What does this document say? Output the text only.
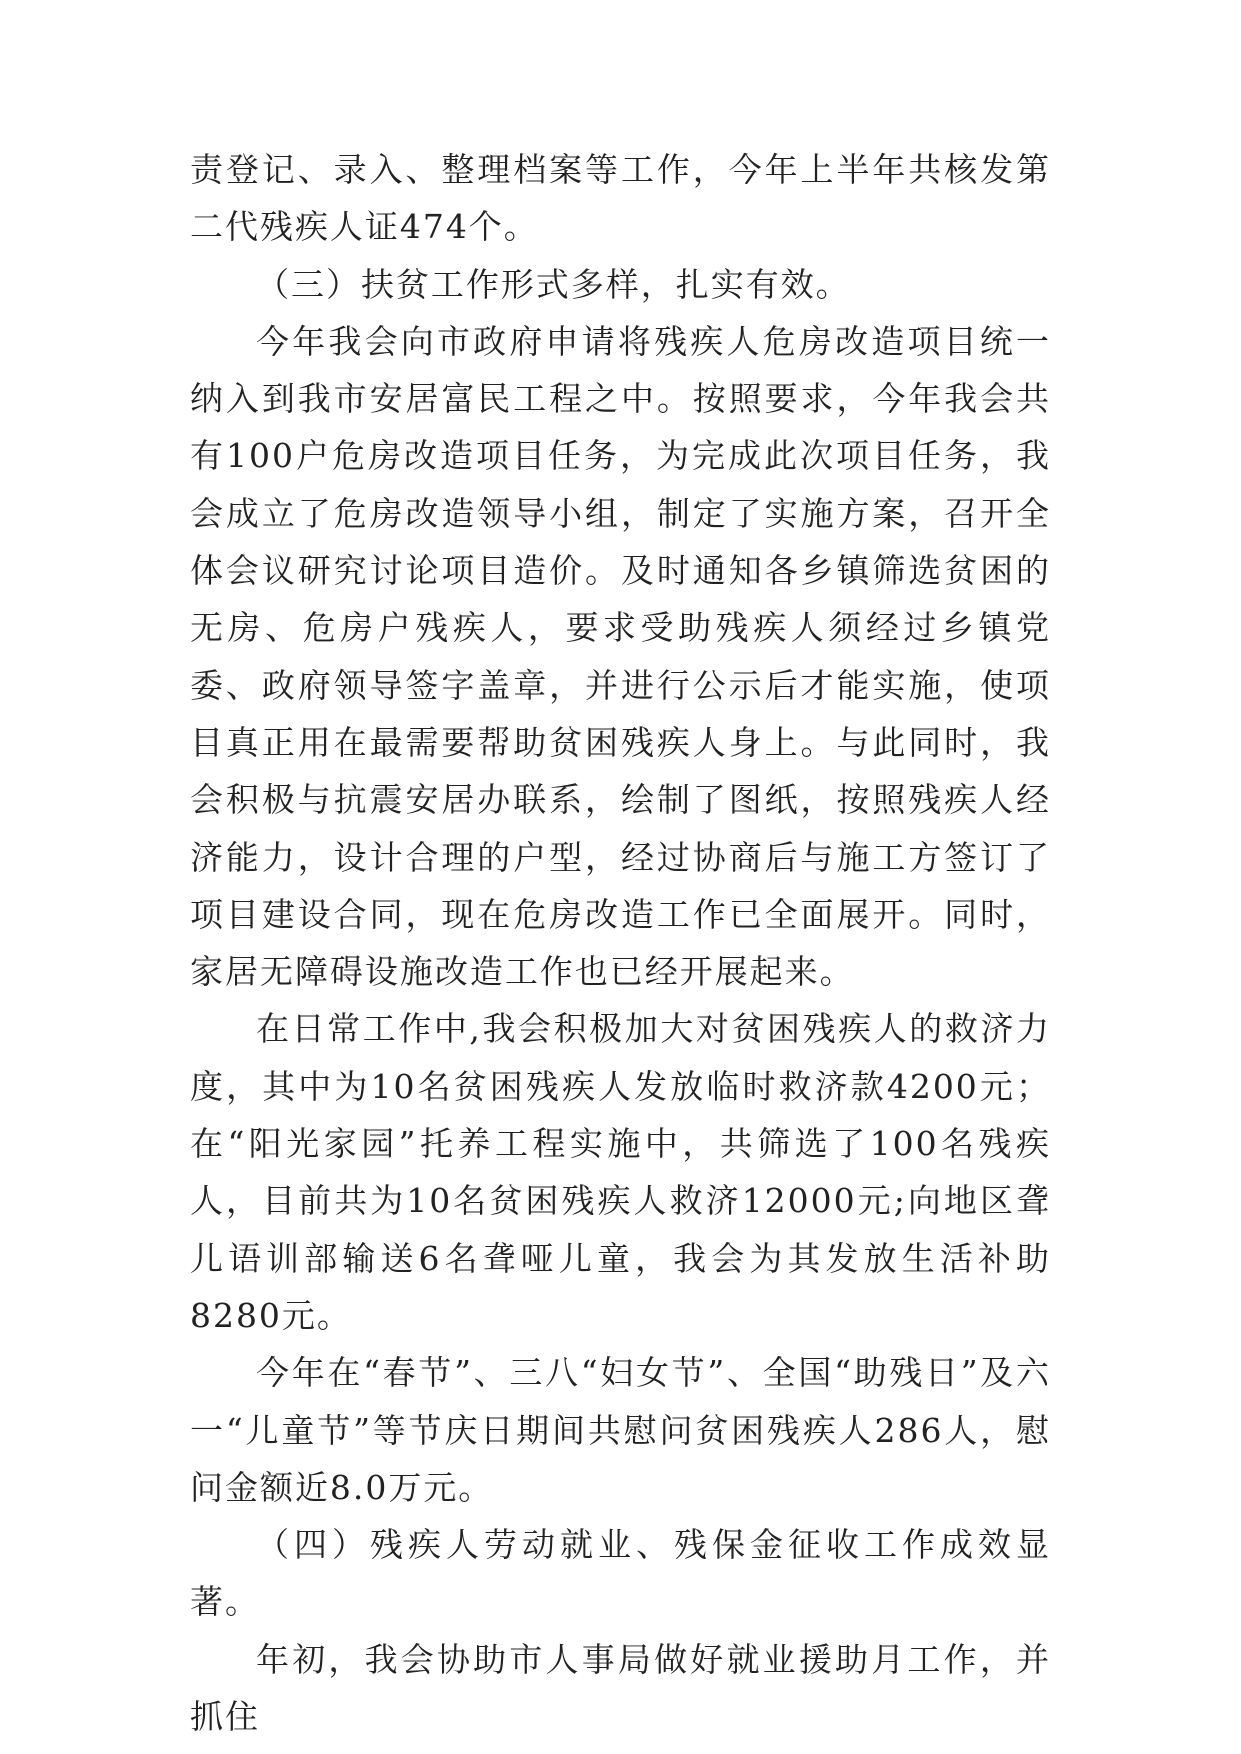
责登记、录入、整理档案等工作，今年上半年共核发第二代残疾人证474个。

（三）扶贫工作形式多样，扎实有效。

今年我会向市政府申请将残疾人危房改造项目统一纳入到我市安居富民工程之中。按照要求，今年我会共有100户危房改造项目任务，为完成此次项目任务，我会成立了危房改造领导小组，制定了实施方案，召开全体会议研究讨论项目造价。及时通知各乡镇筛选贫困的无房、危房户残疾人，要求受助残疾人须经过乡镇党委、政府领导签字盖章，并进行公示后才能实施，使项目真正用在最需要帮助贫困残疾人身上。与此同时，我会积极与抗震安居办联系，绘制了图纸，按照残疾人经济能力，设计合理的户型，经过协商后与施工方签订了项目建设合同，现在危房改造工作已全面展开。同时，家居无障碍设施改造工作也已经开展起来。

在日常工作中,我会积极加大对贫困残疾人的救济力度，其中为10名贫困残疾人发放临时救济款4200元；在“阳光家园”托养工程实施中，共筛选了100名残疾人，目前共为10名贫困残疾人救济12000元;向地区聋儿语训部输送6名聋哑儿童，我会为其发放生活补助8280元。

今年在“春节”、三八“妇女节”、全国“助残日”及六一“儿童节”等节庆日期间共慰问贫困残疾人286人，慰问金额近8.0万元。

（四）残疾人劳动就业、残保金征收工作成效显著。

年初，我会协助市人事局做好就业援助月工作，并抓住
